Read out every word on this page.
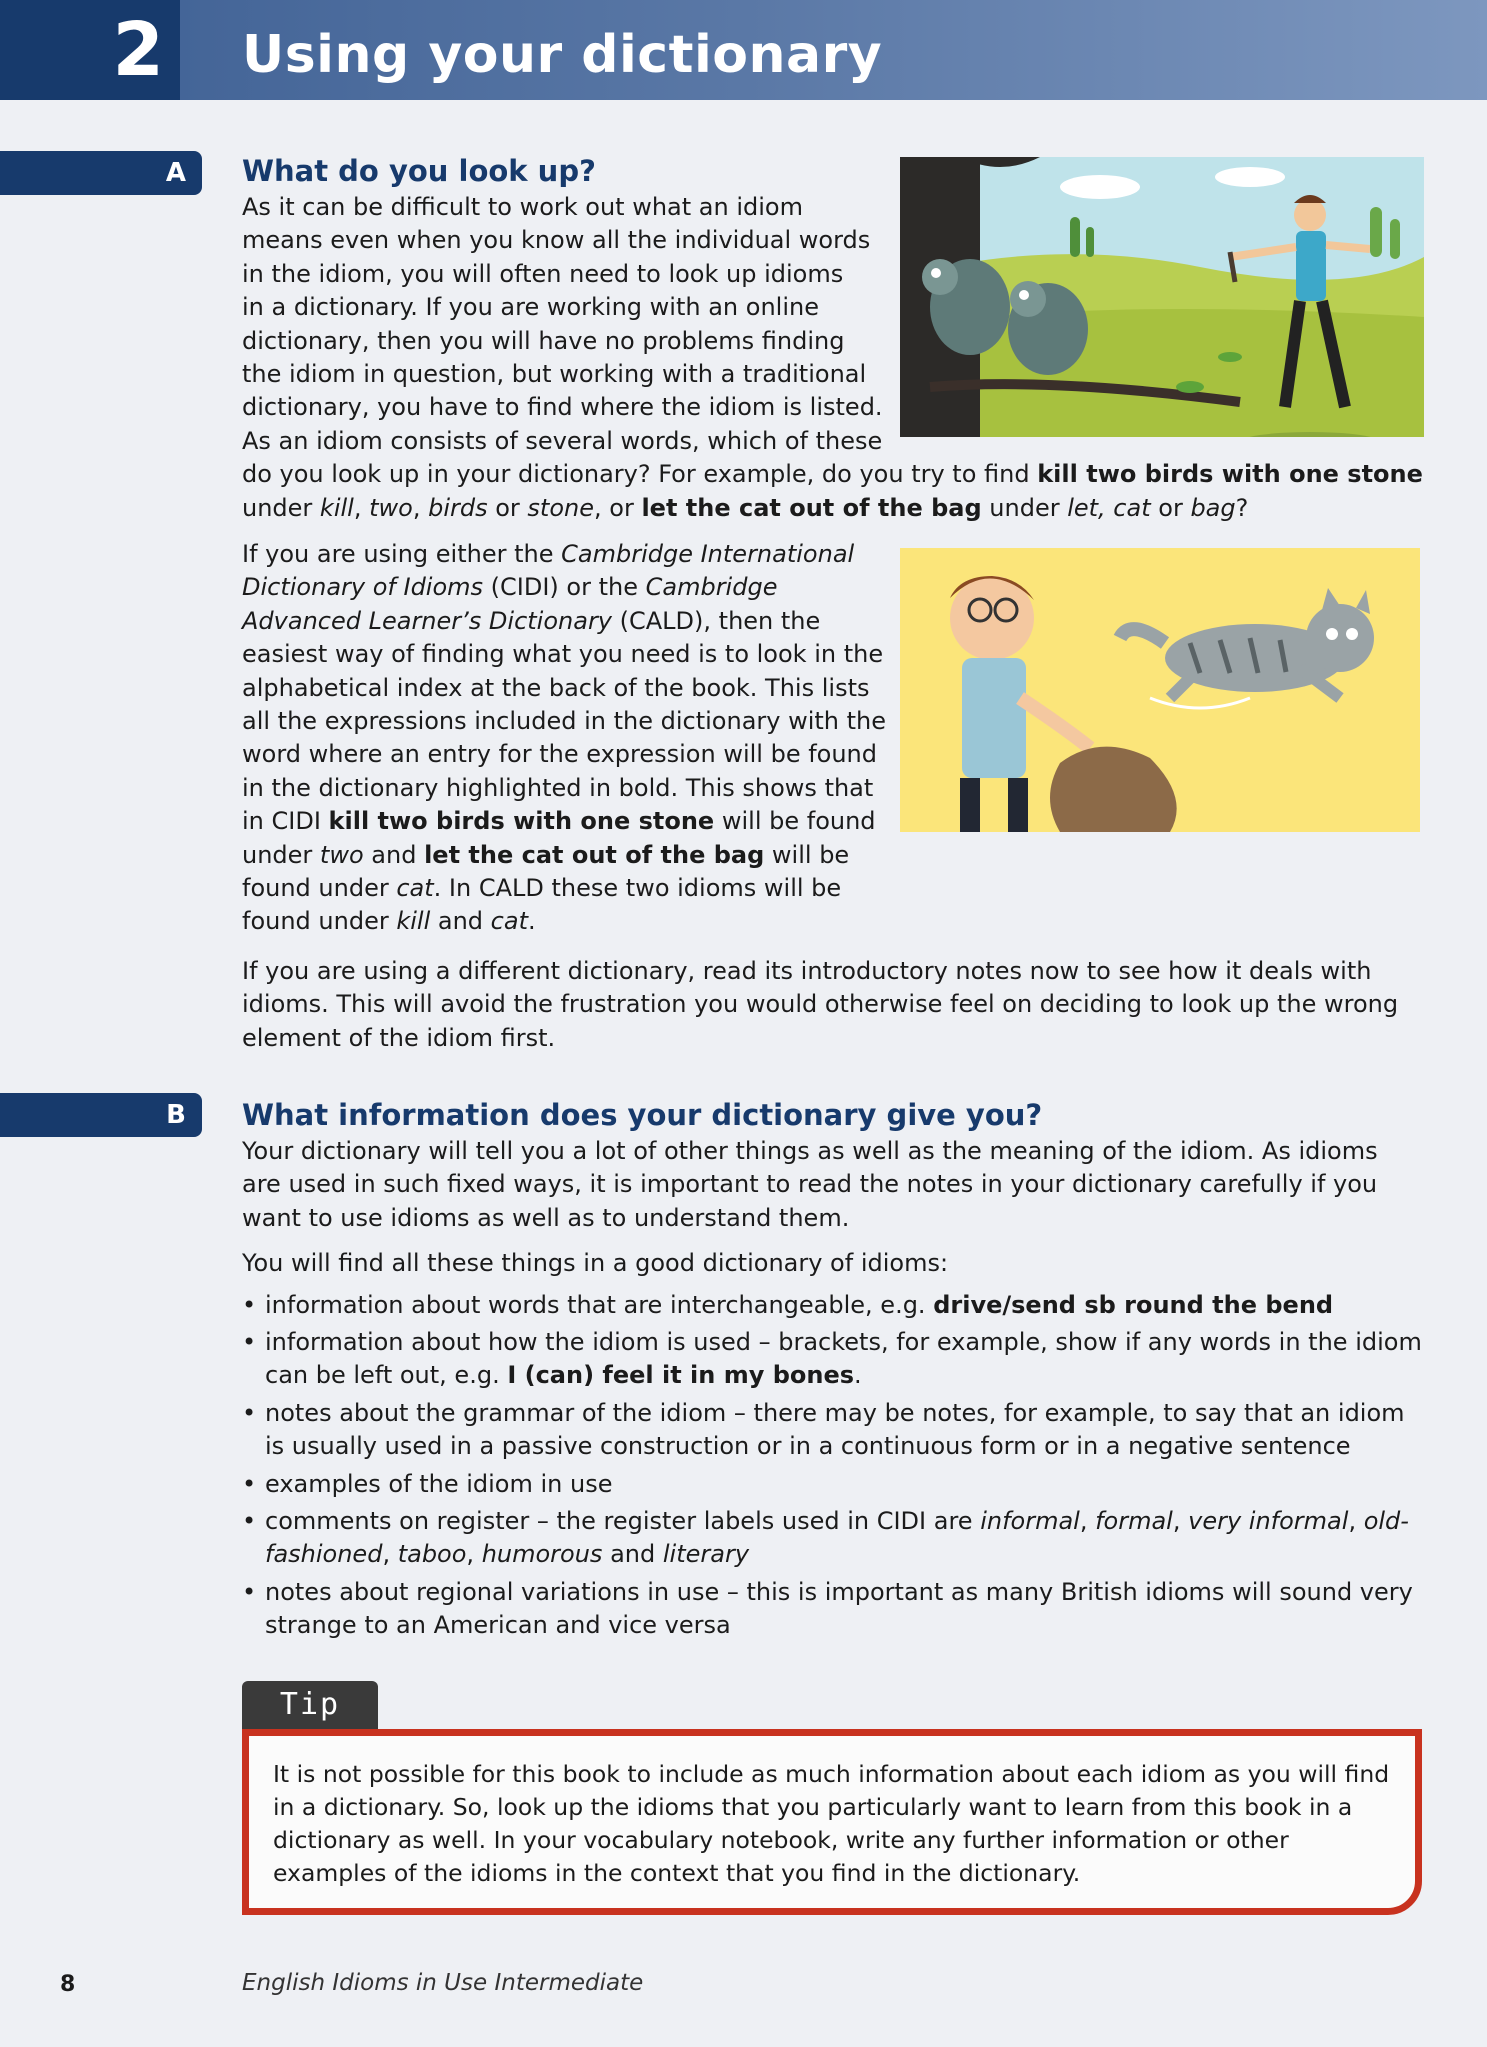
2	Using your dictionary
A What do you look up?

As it can be difficult to work out what an idiom
means even when you know all the individual words
in the idiom, you will often need to look up idioms
in a dictionary. If you are working with an online
dictionary, then you will have no problems finding
the idiom in question, but working with a traditional
dictionary, you have to find where the idiom is listed.
As an idiom consists of several words, which of these
do you look up in your dictionary? For example, do you try to find kill two birds with one stone
under kill, two, birds or stone, or let the cat out of the bag under let, cat or bag?

If you are using either the Cambridge International Dictionary of Idioms (CIDI) or the Cambridge Advanced Learner’s Dictionary (CALD), then the easiest way of finding what you need is to look in the alphabetical index at the back of the book. This lists all the expressions included in the dictionary with the word where an entry for the expression will be found in the dictionary highlighted in bold. This shows that in CIDI kill two birds with one stone will be found under two and let the cat out of the bag will be found under cat. In CALD these two idioms will be found under kill and cat.

If you are using a different dictionary, read its introductory notes now to see how it deals with idioms. This will avoid the frustration you would otherwise feel on deciding to look up the wrong element of the idiom first.

B What information does your dictionary give you?

Your dictionary will tell you a lot of other things as well as the meaning of the idiom. As idioms are used in such fixed ways, it is important to read the notes in your dictionary carefully if you want to use idioms as well as to understand them.

You will find all these things in a good dictionary of idioms:

• information about words that are interchangeable, e.g. drive/send sb round the bend
• information about how the idiom is used – brackets, for example, show if any words in the idiom can be left out, e.g. I (can) feel it in my bones.
• notes about the grammar of the idiom – there may be notes, for example, to say that an idiom is usually used in a passive construction or in a continuous form or in a negative sentence
• examples of the idiom in use
• comments on register – the register labels used in CIDI are informal, formal, very informal, old-fashioned, taboo, humorous and literary
• notes about regional variations in use – this is important as many British idioms will sound very strange to an American and vice versa
Tip
It is not possible for this book to include as much information about each idiom as you will find in a dictionary. So, look up the idioms that you particularly want to learn from this book in a dictionary as well. In your vocabulary notebook, write any further information or other examples of the idioms in the context that you find in the dictionary.
8	English Idioms in Use Intermediate
